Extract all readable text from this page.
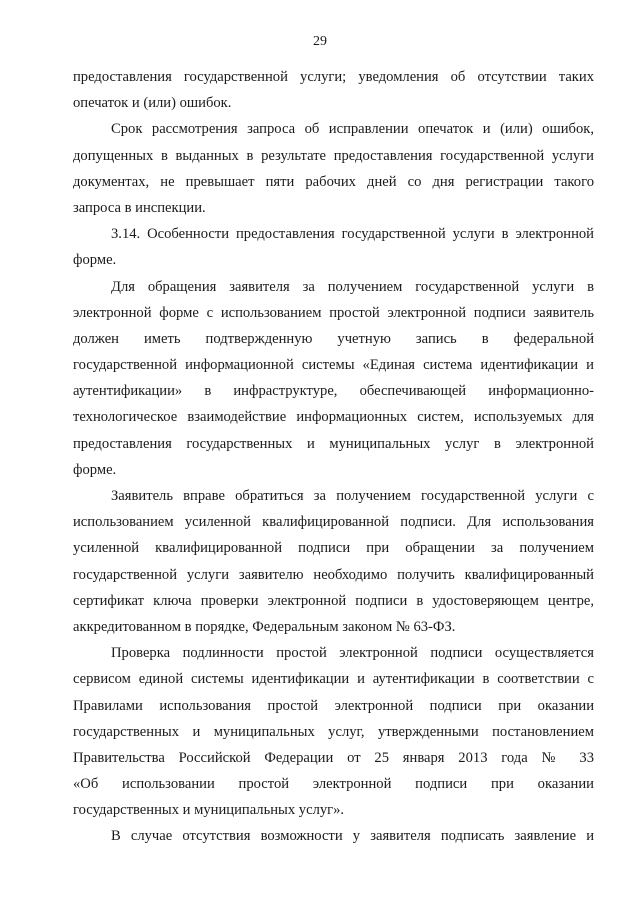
29
предоставления государственной услуги; уведомления об отсутствии таких
опечаток и (или) ошибок.
Срок рассмотрения запроса об исправлении опечаток и (или) ошибок,
допущенных в выданных в результате предоставления государственной услуги
документах, не превышает пяти рабочих дней со дня регистрации такого
запроса в инспекции.
3.14. Особенности предоставления государственной услуги в электронной
форме.
Для обращения заявителя за получением государственной услуги в
электронной форме с использованием простой электронной подписи заявитель
должен иметь подтвержденную учетную запись в федеральной
государственной информационной системы «Единая система идентификации и
аутентификации» в инфраструктуре, обеспечивающей информационно-
технологическое взаимодействие информационных систем, используемых для
предоставления государственных и муниципальных услуг в электронной
форме.
Заявитель вправе обратиться за получением государственной услуги с
использованием усиленной квалифицированной подписи. Для использования
усиленной квалифицированной подписи при обращении за получением
государственной услуги заявителю необходимо получить квалифицированный
сертификат ключа проверки электронной подписи в удостоверяющем центре,
аккредитованном в порядке, Федеральным законом № 63-ФЗ.
Проверка подлинности простой электронной подписи осуществляется
сервисом единой системы идентификации и аутентификации в соответствии с
Правилами использования простой электронной подписи при оказании
государственных и муниципальных услуг, утвержденными постановлением
Правительства Российской Федерации от 25 января 2013 года № 33
«Об использовании простой электронной подписи при оказании
государственных и муниципальных услуг».
В случае отсутствия возможности у заявителя подписать заявление и
